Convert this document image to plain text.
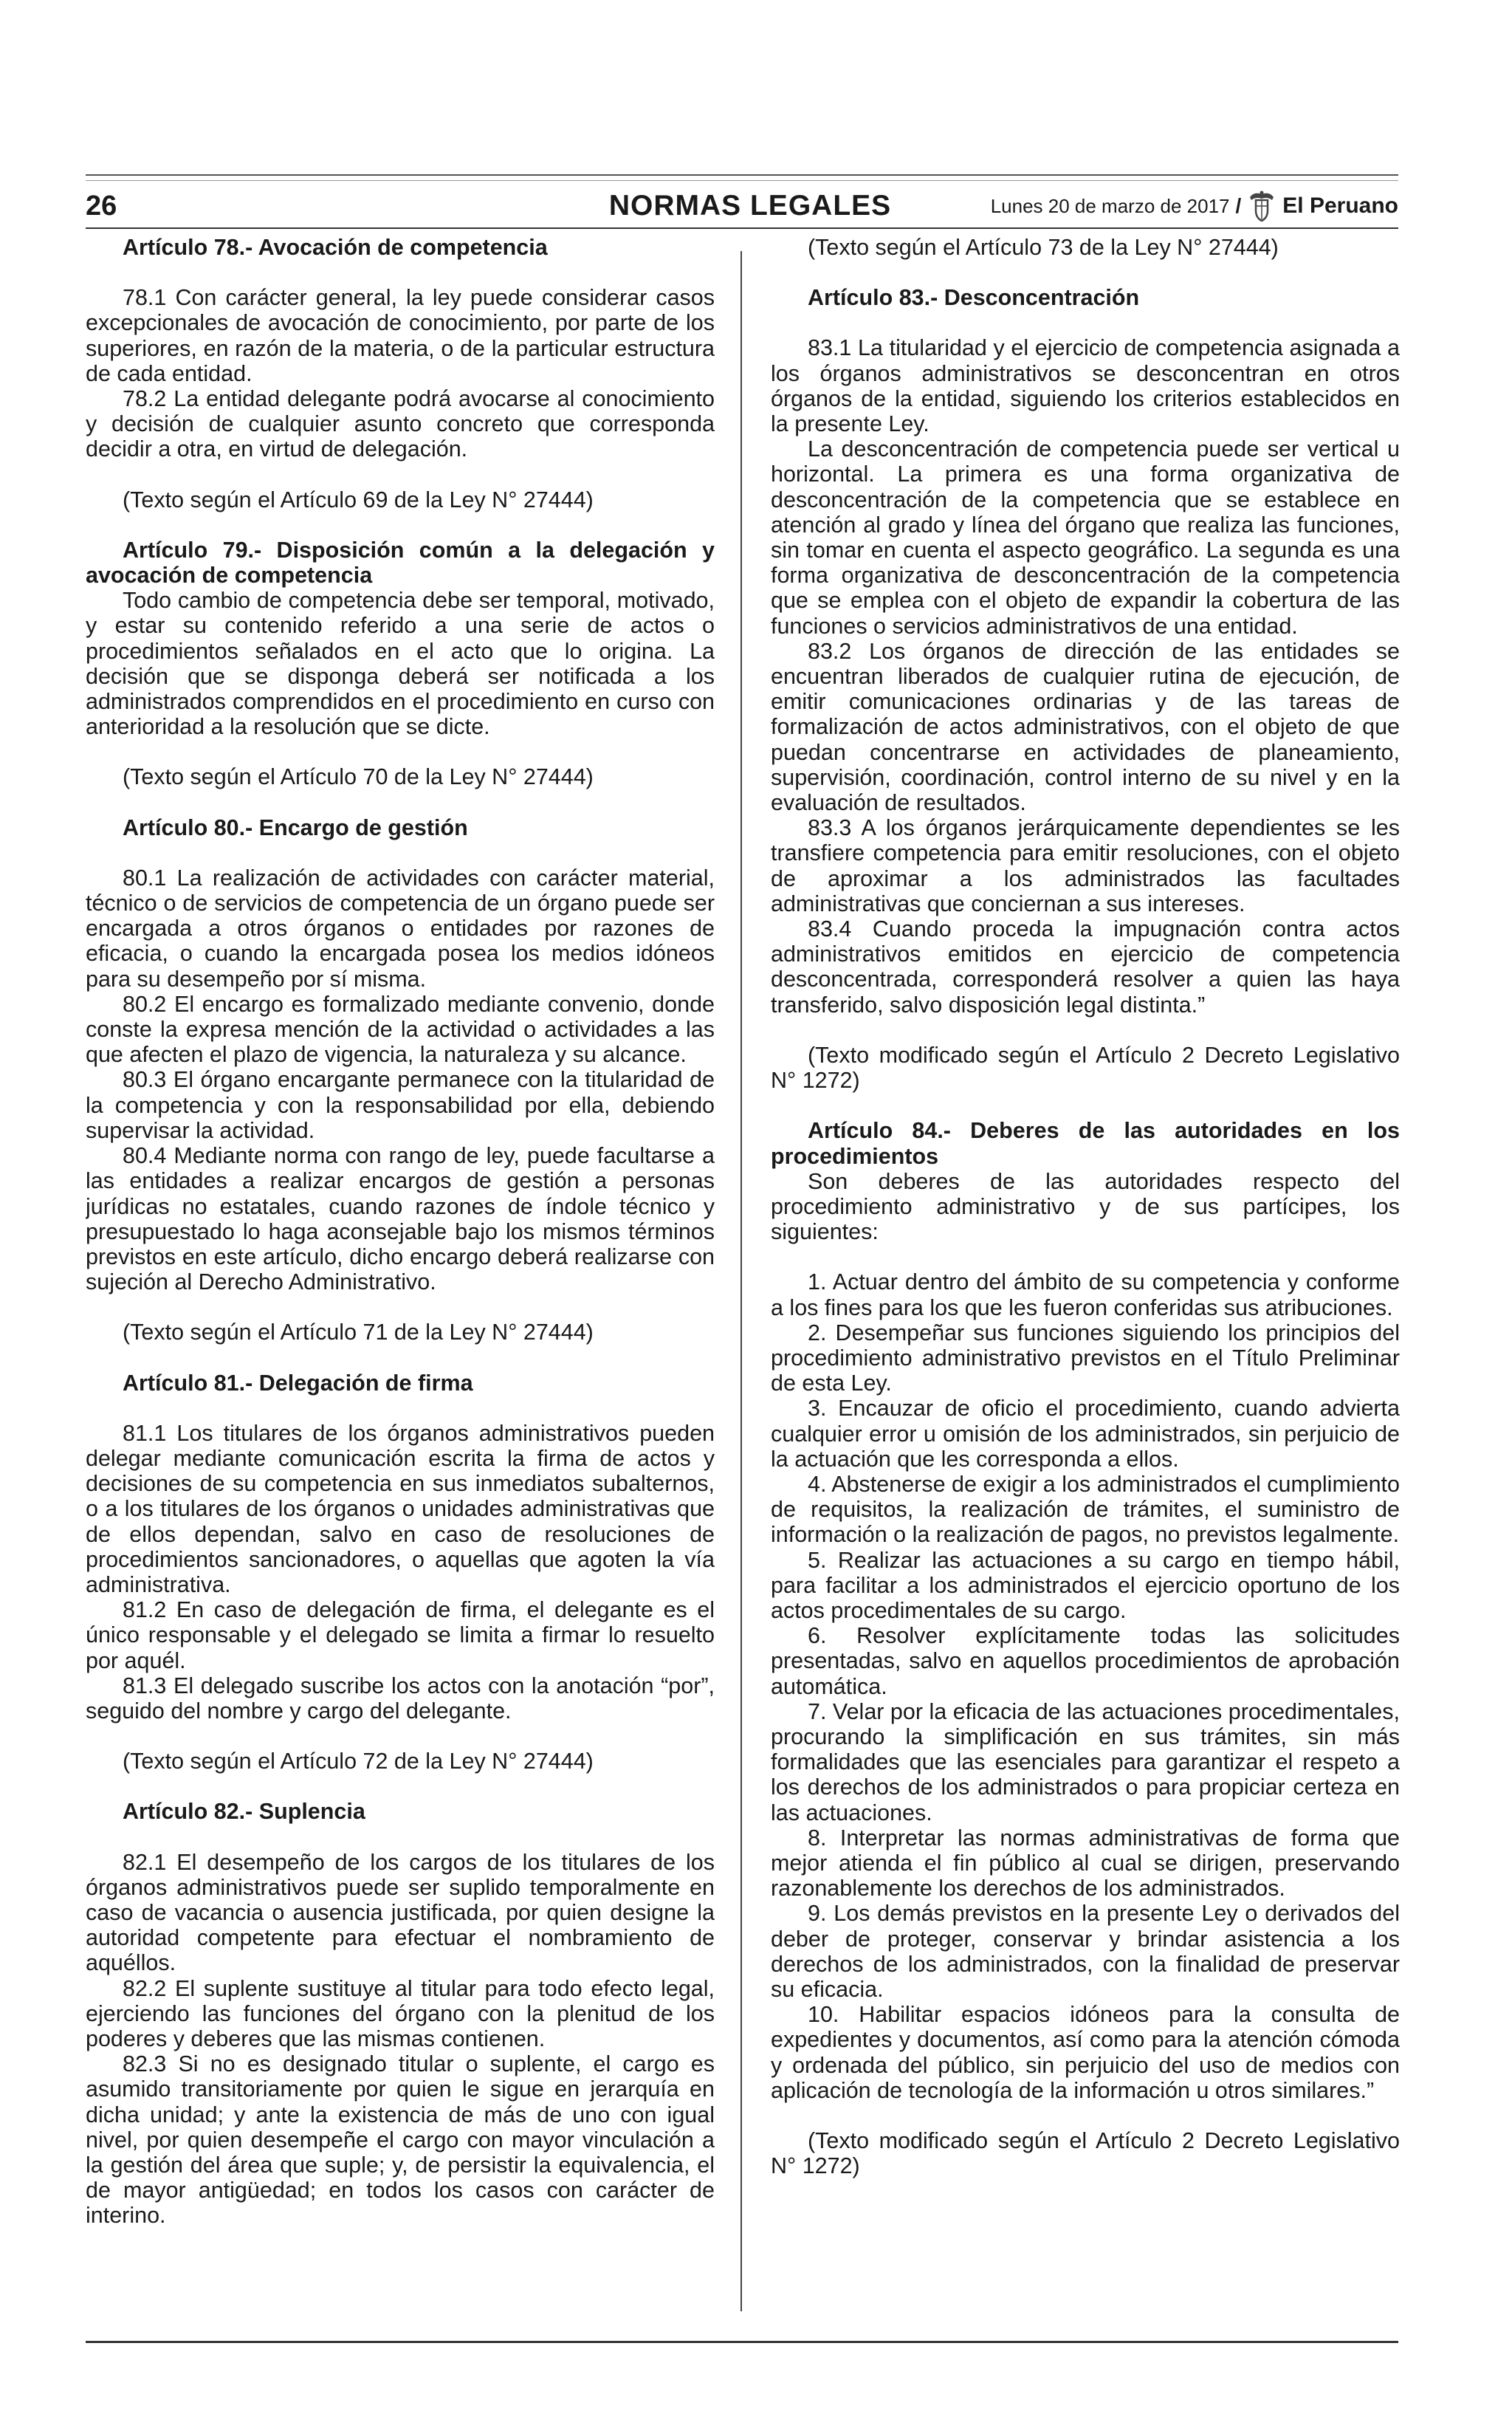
26	NORMAS LEGALES	Lunes 20 de marzo de 2017 / El Peruano

Artículo 78.- Avocación de competencia

78.1 Con carácter general, la ley puede considerar casos excepcionales de avocación de conocimiento, por parte de los superiores, en razón de la materia, o de la particular estructura de cada entidad.

78.2 La entidad delegante podrá avocarse al conocimiento y decisión de cualquier asunto concreto que corresponda decidir a otra, en virtud de delegación.

(Texto según el Artículo 69 de la Ley N° 27444)

Artículo 79.- Disposición común a la delegación y avocación de competencia

Todo cambio de competencia debe ser temporal, motivado, y estar su contenido referido a una serie de actos o procedimientos señalados en el acto que lo origina. La decisión que se disponga deberá ser notificada a los administrados comprendidos en el procedimiento en curso con anterioridad a la resolución que se dicte.

(Texto según el Artículo 70 de la Ley N° 27444)

Artículo 80.- Encargo de gestión

80.1 La realización de actividades con carácter material, técnico o de servicios de competencia de un órgano puede ser encargada a otros órganos o entidades por razones de eficacia, o cuando la encargada posea los medios idóneos para su desempeño por sí misma.

80.2 El encargo es formalizado mediante convenio, donde conste la expresa mención de la actividad o actividades a las que afecten el plazo de vigencia, la naturaleza y su alcance.

80.3 El órgano encargante permanece con la titularidad de la competencia y con la responsabilidad por ella, debiendo supervisar la actividad.

80.4 Mediante norma con rango de ley, puede facultarse a las entidades a realizar encargos de gestión a personas jurídicas no estatales, cuando razones de índole técnico y presupuestado lo haga aconsejable bajo los mismos términos previstos en este artículo, dicho encargo deberá realizarse con sujeción al Derecho Administrativo.

(Texto según el Artículo 71 de la Ley N° 27444)

Artículo 81.- Delegación de firma

81.1 Los titulares de los órganos administrativos pueden delegar mediante comunicación escrita la firma de actos y decisiones de su competencia en sus inmediatos subalternos, o a los titulares de los órganos o unidades administrativas que de ellos dependan, salvo en caso de resoluciones de procedimientos sancionadores, o aquellas que agoten la vía administrativa.

81.2 En caso de delegación de firma, el delegante es el único responsable y el delegado se limita a firmar lo resuelto por aquél.

81.3 El delegado suscribe los actos con la anotación “por”, seguido del nombre y cargo del delegante.

(Texto según el Artículo 72 de la Ley N° 27444)

Artículo 82.- Suplencia

82.1 El desempeño de los cargos de los titulares de los órganos administrativos puede ser suplido temporalmente en caso de vacancia o ausencia justificada, por quien designe la autoridad competente para efectuar el nombramiento de aquéllos.

82.2 El suplente sustituye al titular para todo efecto legal, ejerciendo las funciones del órgano con la plenitud de los poderes y deberes que las mismas contienen.

82.3 Si no es designado titular o suplente, el cargo es asumido transitoriamente por quien le sigue en jerarquía en dicha unidad; y ante la existencia de más de uno con igual nivel, por quien desempeñe el cargo con mayor vinculación a la gestión del área que suple; y, de persistir la equivalencia, el de mayor antigüedad; en todos los casos con carácter de interino.

(Texto según el Artículo 73 de la Ley N° 27444)

Artículo 83.- Desconcentración

83.1 La titularidad y el ejercicio de competencia asignada a los órganos administrativos se desconcentran en otros órganos de la entidad, siguiendo los criterios establecidos en la presente Ley.

La desconcentración de competencia puede ser vertical u horizontal. La primera es una forma organizativa de desconcentración de la competencia que se establece en atención al grado y línea del órgano que realiza las funciones, sin tomar en cuenta el aspecto geográfico. La segunda es una forma organizativa de desconcentración de la competencia que se emplea con el objeto de expandir la cobertura de las funciones o servicios administrativos de una entidad.

83.2 Los órganos de dirección de las entidades se encuentran liberados de cualquier rutina de ejecución, de emitir comunicaciones ordinarias y de las tareas de formalización de actos administrativos, con el objeto de que puedan concentrarse en actividades de planeamiento, supervisión, coordinación, control interno de su nivel y en la evaluación de resultados.

83.3 A los órganos jerárquicamente dependientes se les transfiere competencia para emitir resoluciones, con el objeto de aproximar a los administrados las facultades administrativas que conciernan a sus intereses.

83.4 Cuando proceda la impugnación contra actos administrativos emitidos en ejercicio de competencia desconcentrada, corresponderá resolver a quien las haya transferido, salvo disposición legal distinta.”

(Texto modificado según el Artículo 2 Decreto Legislativo N° 1272)

Artículo 84.- Deberes de las autoridades en los procedimientos

Son deberes de las autoridades respecto del procedimiento administrativo y de sus partícipes, los siguientes:

1. Actuar dentro del ámbito de su competencia y conforme a los fines para los que les fueron conferidas sus atribuciones.

2. Desempeñar sus funciones siguiendo los principios del procedimiento administrativo previstos en el Título Preliminar de esta Ley.

3. Encauzar de oficio el procedimiento, cuando advierta cualquier error u omisión de los administrados, sin perjuicio de la actuación que les corresponda a ellos.

4. Abstenerse de exigir a los administrados el cumplimiento de requisitos, la realización de trámites, el suministro de información o la realización de pagos, no previstos legalmente.

5. Realizar las actuaciones a su cargo en tiempo hábil, para facilitar a los administrados el ejercicio oportuno de los actos procedimentales de su cargo.

6. Resolver explícitamente todas las solicitudes presentadas, salvo en aquellos procedimientos de aprobación automática.

7. Velar por la eficacia de las actuaciones procedimentales, procurando la simplificación en sus trámites, sin más formalidades que las esenciales para garantizar el respeto a los derechos de los administrados o para propiciar certeza en las actuaciones.

8. Interpretar las normas administrativas de forma que mejor atienda el fin público al cual se dirigen, preservando razonablemente los derechos de los administrados.

9. Los demás previstos en la presente Ley o derivados del deber de proteger, conservar y brindar asistencia a los derechos de los administrados, con la finalidad de preservar su eficacia.

10. Habilitar espacios idóneos para la consulta de expedientes y documentos, así como para la atención cómoda y ordenada del público, sin perjuicio del uso de medios con aplicación de tecnología de la información u otros similares.”

(Texto modificado según el Artículo 2 Decreto Legislativo N° 1272)
